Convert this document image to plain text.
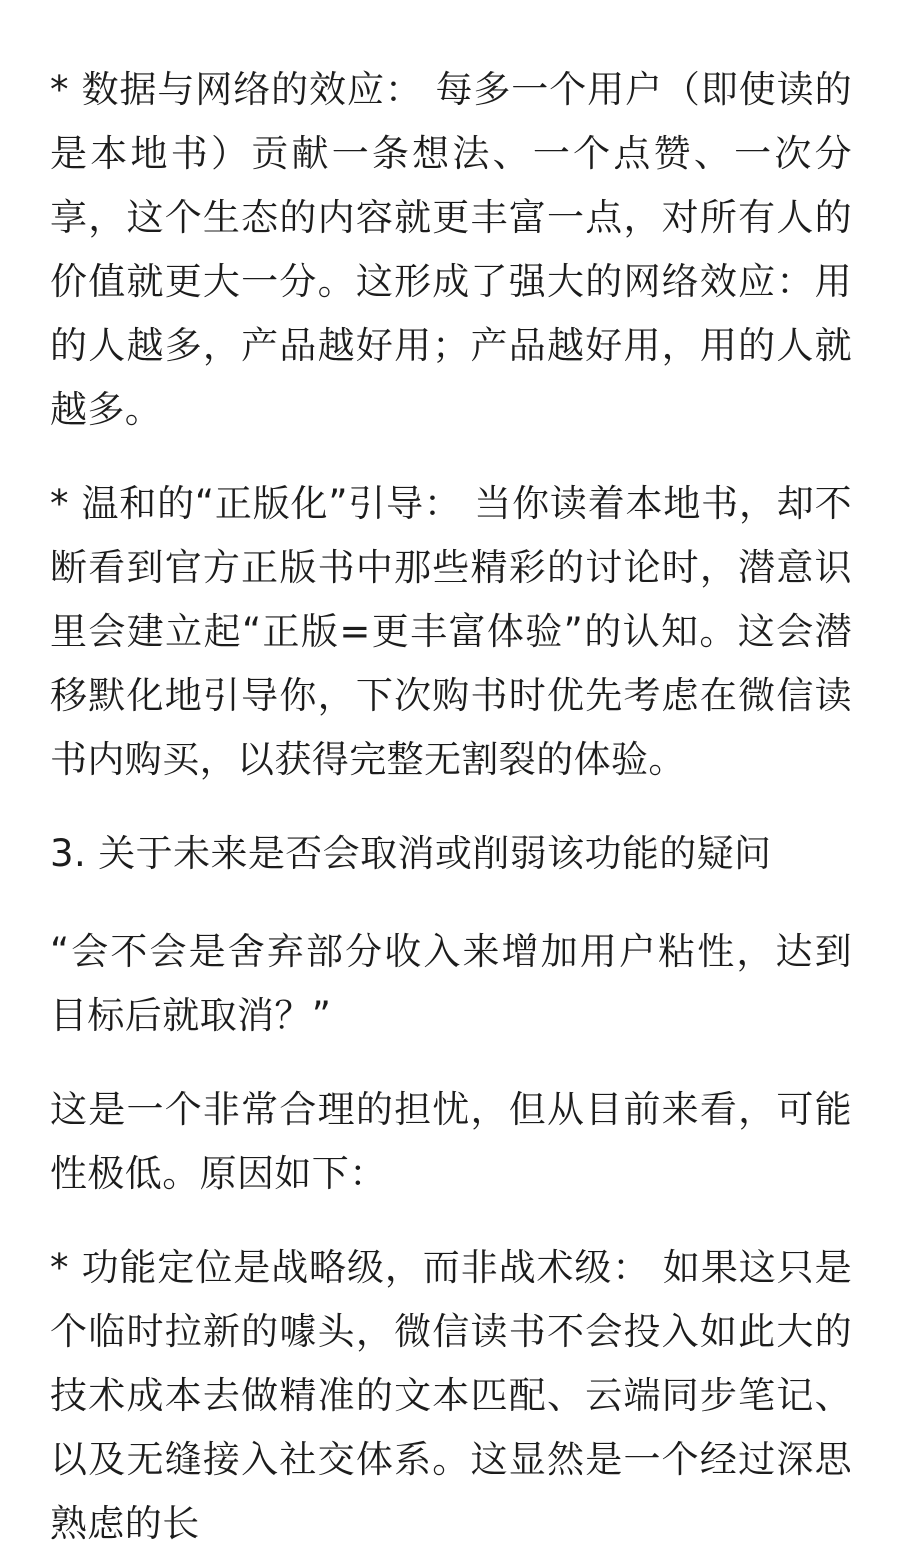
* 数据与网络的效应： 每多一个用户（即使读的是本地书）贡献一条想法、一个点赞、一次分享，这个生态的内容就更丰富一点，对所有人的价值就更大一分。这形成了强大的网络效应：用的人越多，产品越好用；产品越好用，用的人就越多。

* 温和的“正版化”引导： 当你读着本地书，却不断看到官方正版书中那些精彩的讨论时，潜意识里会建立起“正版=更丰富体验”的认知。这会潜移默化地引导你，下次购书时优先考虑在微信读书内购买，以获得完整无割裂的体验。

3. 关于未来是否会取消或削弱该功能的疑问

“会不会是舍弃部分收入来增加用户粘性，达到目标后就取消？”

这是一个非常合理的担忧，但从目前来看，可能性极低。原因如下：

* 功能定位是战略级，而非战术级： 如果这只是个临时拉新的噱头，微信读书不会投入如此大的技术成本去做精准的文本匹配、云端同步笔记、以及无缝接入社交体系。这显然是一个经过深思熟虑的长
